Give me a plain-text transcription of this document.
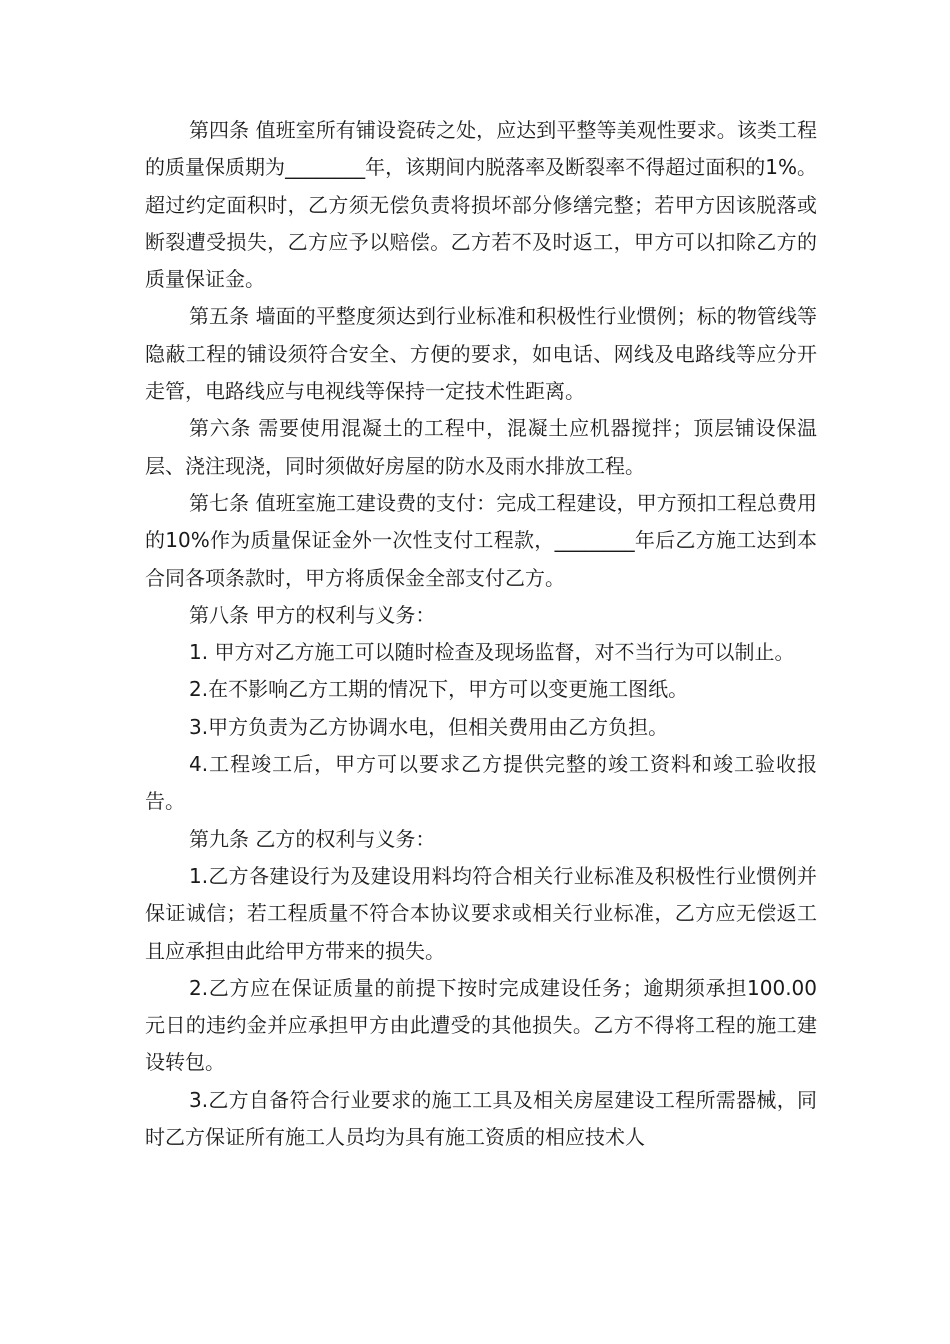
第四条 值班室所有铺设瓷砖之处，应达到平整等美观性要求。该类工程的质量保质期为________年，该期间内脱落率及断裂率不得超过面积的1%。超过约定面积时，乙方须无偿负责将损坏部分修缮完整；若甲方因该脱落或断裂遭受损失，乙方应予以赔偿。乙方若不及时返工，甲方可以扣除乙方的质量保证金。

第五条 墙面的平整度须达到行业标准和积极性行业惯例；标的物管线等隐蔽工程的铺设须符合安全、方便的要求，如电话、网线及电路线等应分开走管，电路线应与电视线等保持一定技术性距离。

第六条 需要使用混凝土的工程中，混凝土应机器搅拌；顶层铺设保温层、浇注现浇，同时须做好房屋的防水及雨水排放工程。

第七条 值班室施工建设费的支付：完成工程建设，甲方预扣工程总费用的10%作为质量保证金外一次性支付工程款，________年后乙方施工达到本合同各项条款时，甲方将质保金全部支付乙方。

第八条 甲方的权利与义务：

1. 甲方对乙方施工可以随时检查及现场监督，对不当行为可以制止。

2.在不影响乙方工期的情况下，甲方可以变更施工图纸。

3.甲方负责为乙方协调水电，但相关费用由乙方负担。

4.工程竣工后，甲方可以要求乙方提供完整的竣工资料和竣工验收报告。

第九条 乙方的权利与义务：

1.乙方各建设行为及建设用料均符合相关行业标准及积极性行业惯例并保证诚信；若工程质量不符合本协议要求或相关行业标准，乙方应无偿返工且应承担由此给甲方带来的损失。

2.乙方应在保证质量的前提下按时完成建设任务；逾期须承担100.00元日的违约金并应承担甲方由此遭受的其他损失。乙方不得将工程的施工建设转包。

3.乙方自备符合行业要求的施工工具及相关房屋建设工程所需器械，同时乙方保证所有施工人员均为具有施工资质的相应技术人
